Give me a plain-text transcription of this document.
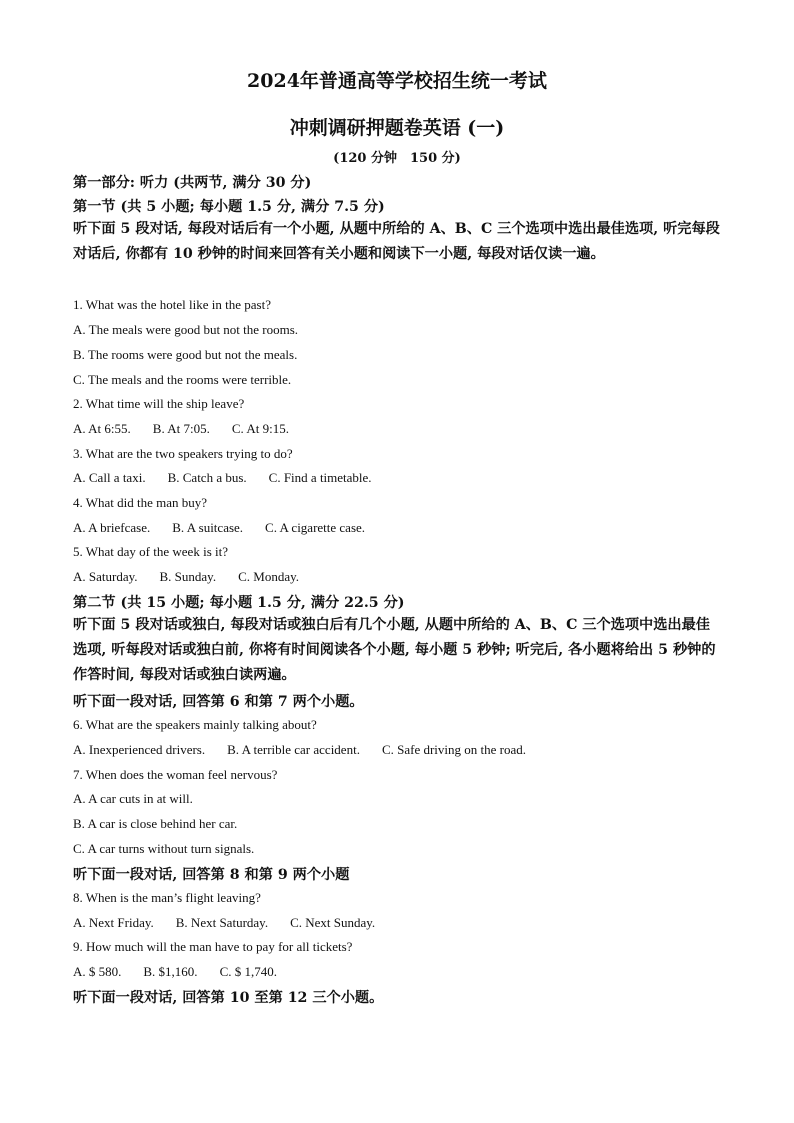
2024年普通高等学校招生统一考试
冲刺调研押题卷英语 (一)
(120 分钟　150 分)
第一部分: 听力 (共两节, 满分 30 分)
第一节 (共 5 小题; 每小题 1.5 分, 满分 7.5 分)
听下面 5 段对话, 每段对话后有一个小题, 从题中所给的 A、B、C 三个选项中选出最佳选项, 听完每段对话后, 你都有 10 秒钟的时间来回答有关小题和阅读下一小题, 每段对话仅读一遍。
1. What was the hotel like in the past?
A. The meals were good but not the rooms.
B. The rooms were good but not the meals.
C. The meals and the rooms were terrible.
2. What time will the ship leave?
A. At 6:55. B. At 7:05. C. At 9:15.
3. What are the two speakers trying to do?
A. Call a taxi. B. Catch a bus. C. Find a timetable.
4. What did the man buy?
A. A briefcase. B. A suitcase. C. A cigarette case.
5. What day of the week is it?
A. Saturday. B. Sunday. C. Monday.
第二节 (共 15 小题; 每小题 1.5 分, 满分 22.5 分)
听下面 5 段对话或独白, 每段对话或独白后有几个小题, 从题中所给的 A、B、C 三个选项中选出最佳选项, 听每段对话或独白前, 你将有时间阅读各个小题, 每小题 5 秒钟; 听完后, 各小题将给出 5 秒钟的作答时间, 每段对话或独白读两遍。
听下面一段对话, 回答第 6 和第 7 两个小题。
6. What are the speakers mainly talking about?
A. Inexperienced drivers. B. A terrible car accident. C. Safe driving on the road.
7. When does the woman feel nervous?
A. A car cuts in at will.
B. A car is close behind her car.
C. A car turns without turn signals.
听下面一段对话, 回答第 8 和第 9 两个小题
8. When is the man’s flight leaving?
A. Next Friday. B. Next Saturday. C. Next Sunday.
9. How much will the man have to pay for all tickets?
A. $ 580. B. $1,160. C. $ 1,740.
听下面一段对话, 回答第 10 至第 12 三个小题。
